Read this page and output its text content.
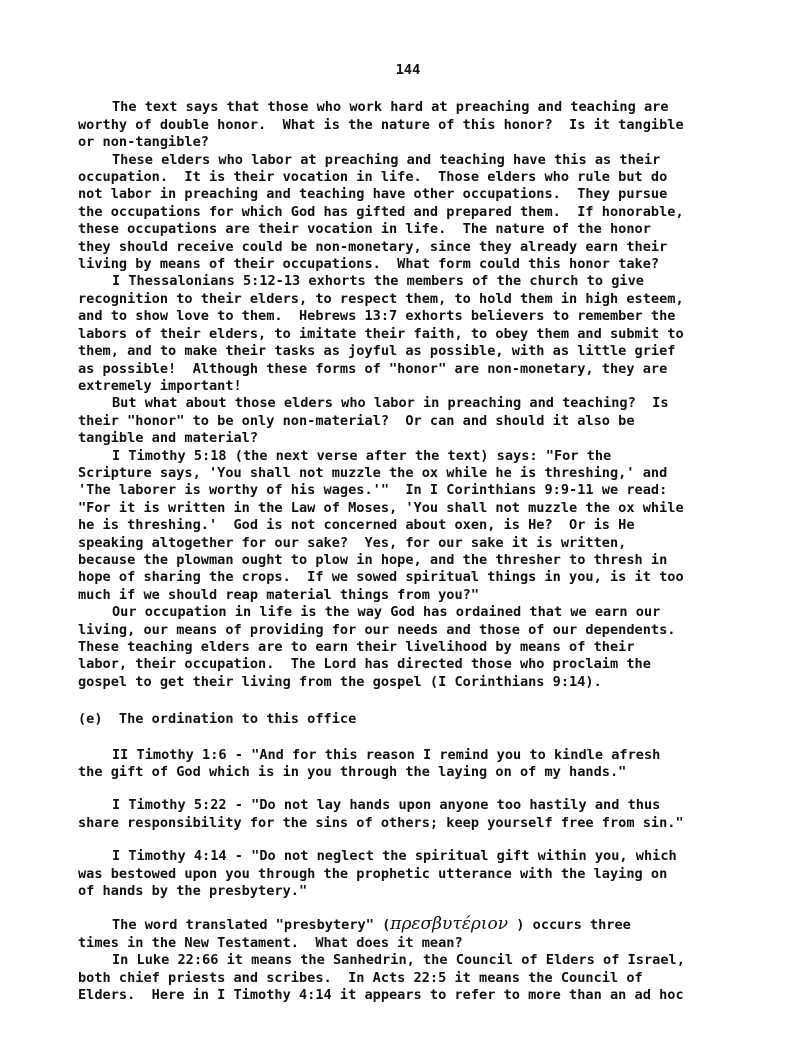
144
The text says that those who work hard at preaching and teaching are
worthy of double honor.  What is the nature of this honor?  Is it tangible
or non-tangible?
These elders who labor at preaching and teaching have this as their
occupation.  It is their vocation in life.  Those elders who rule but do
not labor in preaching and teaching have other occupations.  They pursue
the occupations for which God has gifted and prepared them.  If honorable,
these occupations are their vocation in life.  The nature of the honor
they should receive could be non-monetary, since they already earn their
living by means of their occupations.  What form could this honor take?
I Thessalonians 5:12-13 exhorts the members of the church to give
recognition to their elders, to respect them, to hold them in high esteem,
and to show love to them.  Hebrews 13:7 exhorts believers to remember the
labors of their elders, to imitate their faith, to obey them and submit to
them, and to make their tasks as joyful as possible, with as little grief
as possible!  Although these forms of "honor" are non-monetary, they are
extremely important!
But what about those elders who labor in preaching and teaching?  Is
their "honor" to be only non-material?  Or can and should it also be
tangible and material?
I Timothy 5:18 (the next verse after the text) says: "For the
Scripture says, 'You shall not muzzle the ox while he is threshing,' and
'The laborer is worthy of his wages.'"  In I Corinthians 9:9-11 we read:
"For it is written in the Law of Moses, 'You shall not muzzle the ox while
he is threshing.'  God is not concerned about oxen, is He?  Or is He
speaking altogether for our sake?  Yes, for our sake it is written,
because the plowman ought to plow in hope, and the thresher to thresh in
hope of sharing the crops.  If we sowed spiritual things in you, is it too
much if we should reap material things from you?"
Our occupation in life is the way God has ordained that we earn our
living, our means of providing for our needs and those of our dependents.
These teaching elders are to earn their livelihood by means of their
labor, their occupation.  The Lord has directed those who proclaim the
gospel to get their living from the gospel (I Corinthians 9:14).
(e)  The ordination to this office
II Timothy 1:6 - "And for this reason I remind you to kindle afresh
the gift of God which is in you through the laying on of my hands."
I Timothy 5:22 - "Do not lay hands upon anyone too hastily and thus
share responsibility for the sins of others; keep yourself free from sin."
I Timothy 4:14 - "Do not neglect the spiritual gift within you, which
was bestowed upon you through the prophetic utterance with the laying on
of hands by the presbytery."
The word translated "presbytery" (πρεσβυτέριον ) occurs three
times in the New Testament.  What does it mean?
In Luke 22:66 it means the Sanhedrin, the Council of Elders of Israel,
both chief priests and scribes.  In Acts 22:5 it means the Council of
Elders.  Here in I Timothy 4:14 it appears to refer to more than an ad hoc
